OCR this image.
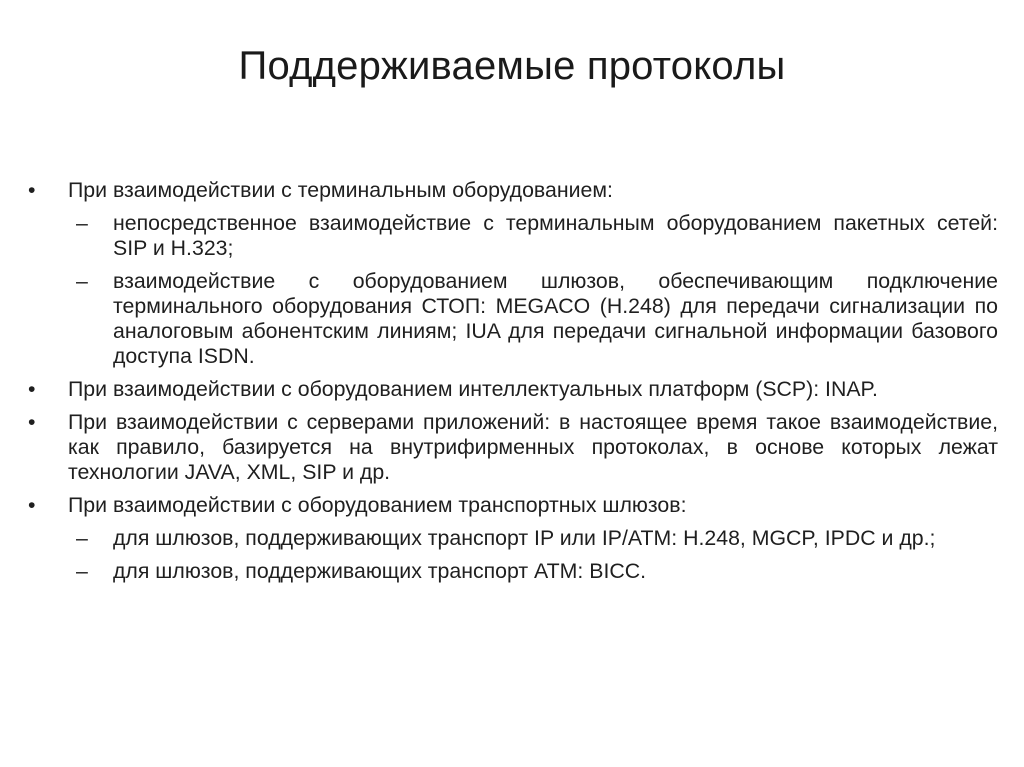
Поддерживаемые протоколы
•	При взаимодействии с терминальным оборудованием:
–	непосредственное взаимодействие с терминальным оборудованием пакетных сетей: SIP и H.323;
–	взаимодействие с оборудованием шлюзов, обеспечивающим подключение терминального оборудования СТОП: MEGACO (H.248) для передачи сигнализации по аналоговым абонентским линиям; IUA для передачи сигнальной информации базового доступа ISDN.
•	При взаимодействии с оборудованием интеллектуальных платформ (SCP): INAP.
•	При взаимодействии с серверами приложений: в настоящее время такое взаимодействие, как правило, базируется на внутрифирменных протоколах, в основе которых лежат технологии JAVA, XML, SIP и др.
•	При взаимодействии с оборудованием транспортных шлюзов:
–	для шлюзов, поддерживающих транспорт IP или IP/ATM: H.248, MGCP, IPDC и др.;
–	для шлюзов, поддерживающих транспорт ATM: BICC.
